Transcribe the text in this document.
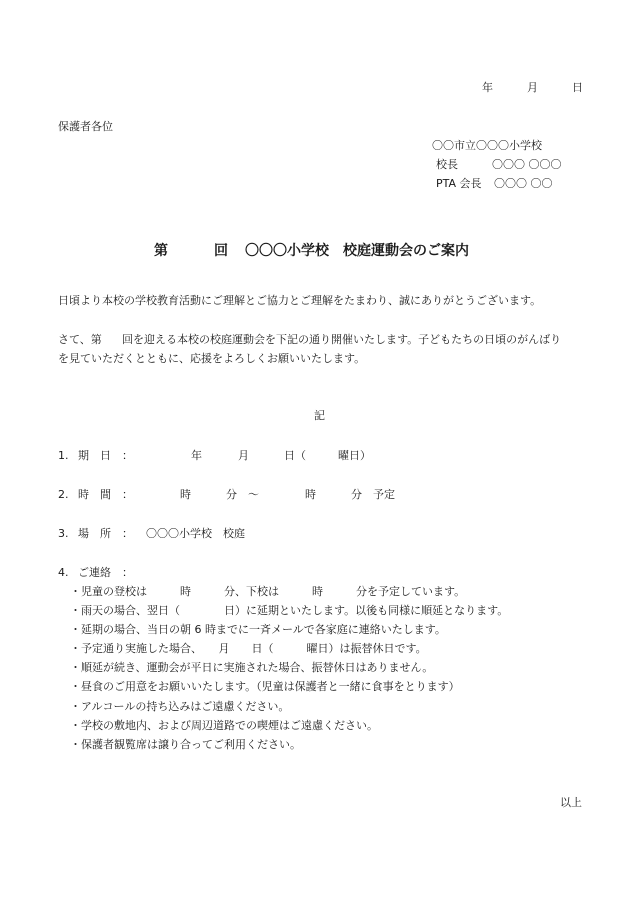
年	月	日
保護者各位
〇〇市立〇〇〇小学校
校長	〇〇〇 〇〇〇
PTA 会長 〇〇〇 〇〇
第	回 〇〇〇小学校　校庭運動会のご案内
日頃より本校の学校教育活動にご理解とご協力とご理解をたまわり、誠にありがとうございます。
さて、第 回を迎える本校の校庭運動会を下記の通り開催いたします。子どもたちの日頃のがんばり
を見ていただくとともに、応援をよろしくお願いいたします。
記
1. 期　日　：	年	月	日（	曜日）
2. 時　間　：	時	分 〜	時	分 予定
3. 場　所　： 〇〇〇小学校　校庭
4. ご連絡　：
・児童の登校は　　　時　　　分、下校は　　　時　　　分を予定しています。
・雨天の場合、翌日（　　　　日）に延期といたします。以後も同様に順延となります。
・延期の場合、当日の朝 6 時までに一斉メールで各家庭に連絡いたします。
・予定通り実施した場合、　　月　　日（　　　曜日）は振替休日です。
・順延が続き、運動会が平日に実施された場合、振替休日はありません。
・昼食のご用意をお願いいたします。（児童は保護者と一緒に食事をとります）
・アルコールの持ち込みはご遠慮ください。
・学校の敷地内、および周辺道路での喫煙はご遠慮ください。
・保護者観覧席は譲り合ってご利用ください。
以上
